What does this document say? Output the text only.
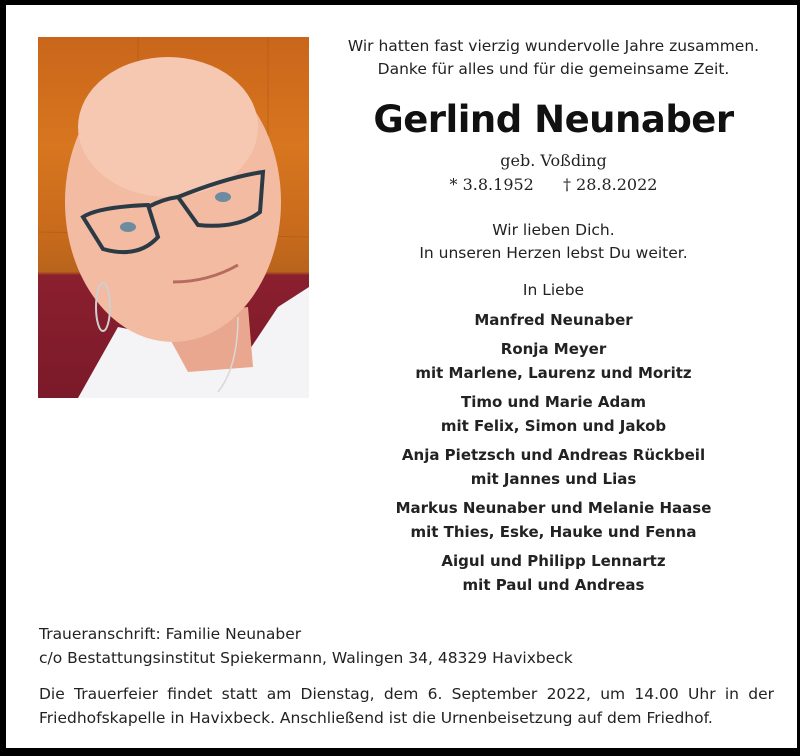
Wir hatten fast vierzig wundervolle Jahre zusammen.
Danke für alles und für die gemeinsame Zeit.
Gerlind Neunaber
geb. Voßding
* 3.8.1952 † 28.8.2022
Wir lieben Dich.
In unseren Herzen lebst Du weiter.
In Liebe
Manfred Neunaber
Ronja Meyer
mit Marlene, Laurenz und Moritz
Timo und Marie Adam
mit Felix, Simon und Jakob
Anja Pietzsch und Andreas Rückbeil
mit Jannes und Lias
Markus Neunaber und Melanie Haase
mit Thies, Eske, Hauke und Fenna
Aigul und Philipp Lennartz
mit Paul und Andreas
Traueranschrift: Familie Neunaber
c/o Bestattungsinstitut Spiekermann, Walingen 34, 48329 Havixbeck
Die Trauerfeier findet statt am Dienstag, dem 6. September 2022, um 14.00 Uhr in der
Friedhofskapelle in Havixbeck. Anschließend ist die Urnenbeisetzung auf dem Friedhof.
